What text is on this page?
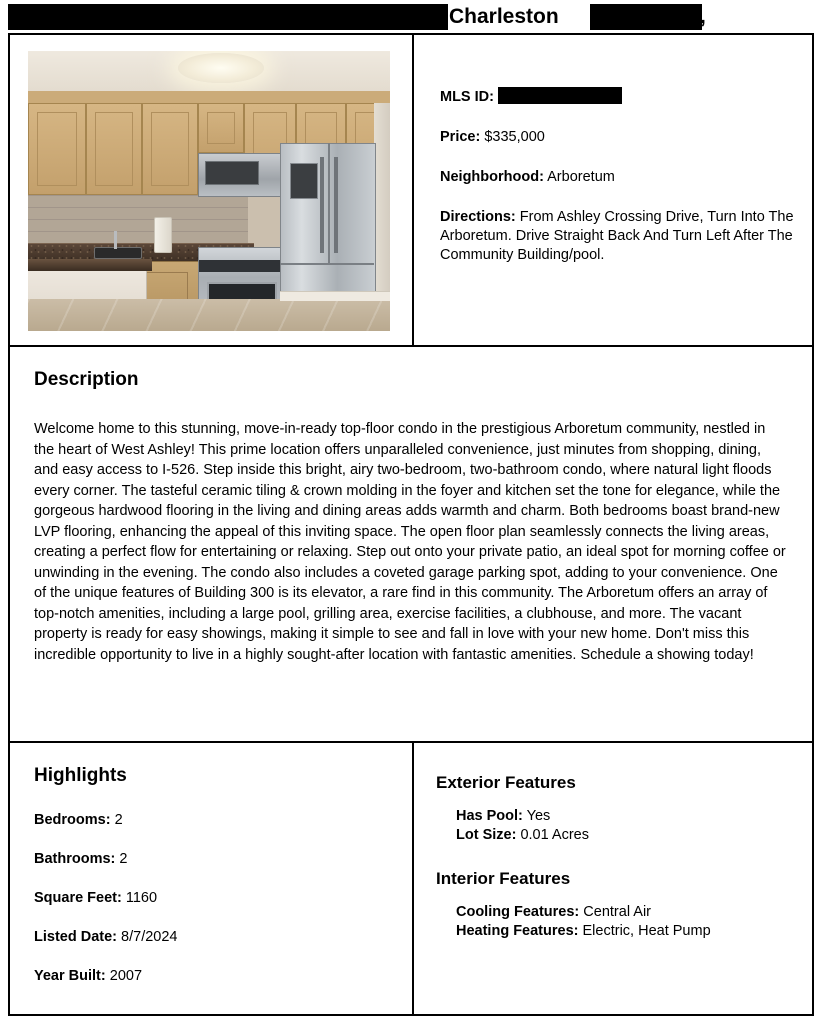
Charleston	,
MLS ID:
Price: $335,000
Neighborhood: Arboretum
Directions: From Ashley Crossing Drive, Turn Into The Arboretum. Drive Straight Back And Turn Left After The Community Building/pool.
Description
Welcome home to this stunning, move-in-ready top-floor condo in the prestigious Arboretum community, nestled in the heart of West Ashley! This prime location offers unparalleled convenience, just minutes from shopping, dining, and easy access to I-526. Step inside this bright, airy two-bedroom, two-bathroom condo, where natural light floods every corner. The tasteful ceramic tiling & crown molding in the foyer and kitchen set the tone for elegance, while the gorgeous hardwood flooring in the living and dining areas adds warmth and charm. Both bedrooms boast brand-new LVP flooring, enhancing the appeal of this inviting space. The open floor plan seamlessly connects the living areas, creating a perfect flow for entertaining or relaxing. Step out onto your private patio, an ideal spot for morning coffee or unwinding in the evening. The condo also includes a coveted garage parking spot, adding to your convenience. One of the unique features of Building 300 is its elevator, a rare find in this community. The Arboretum offers an array of top-notch amenities, including a large pool, grilling area, exercise facilities, a clubhouse, and more. The vacant property is ready for easy showings, making it simple to see and fall in love with your new home. Don't miss this incredible opportunity to live in a highly sought-after location with fantastic amenities. Schedule a showing today!
Highlights
Bedrooms: 2
Bathrooms: 2
Square Feet: 1160
Listed Date: 8/7/2024
Year Built: 2007
Exterior Features
Has Pool: Yes
Lot Size: 0.01 Acres
Interior Features
Cooling Features: Central Air
Heating Features: Electric, Heat Pump
